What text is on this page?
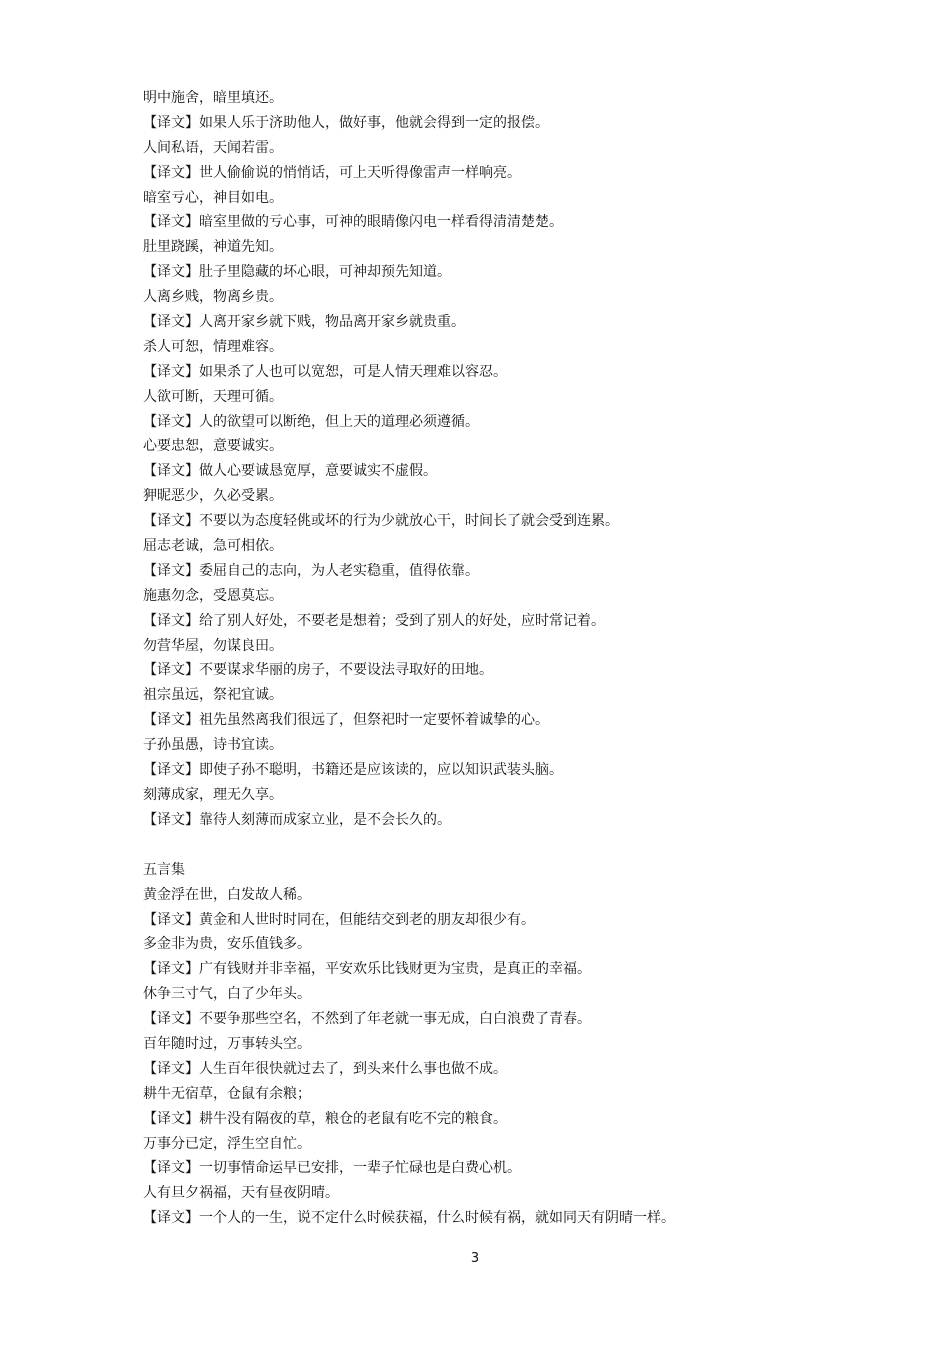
明中施舍，暗里填还。
【译文】如果人乐于济助他人，做好事，他就会得到一定的报偿。
人间私语，天闻若雷。
【译文】世人偷偷说的悄悄话，可上天听得像雷声一样响亮。
暗室亏心，神目如电。
【译文】暗室里做的亏心事，可神的眼睛像闪电一样看得清清楚楚。
肚里跷蹊，神道先知。
【译文】肚子里隐藏的坏心眼，可神却预先知道。
人离乡贱，物离乡贵。
【译文】人离开家乡就下贱，物品离开家乡就贵重。
杀人可恕，情理难容。
【译文】如果杀了人也可以宽恕，可是人情天理难以容忍。
人欲可断，天理可循。
【译文】人的欲望可以断绝，但上天的道理必须遵循。
心要忠恕，意要诚实。
【译文】做人心要诚恳宽厚，意要诚实不虚假。
狎昵恶少，久必受累。
【译文】不要以为态度轻佻或坏的行为少就放心干，时间长了就会受到连累。
屈志老诚，急可相依。
【译文】委屈自己的志向，为人老实稳重，值得依靠。
施惠勿念，受恩莫忘。
【译文】给了别人好处，不要老是想着；受到了别人的好处，应时常记着。
勿营华屋，勿谋良田。
【译文】不要谋求华丽的房子，不要设法寻取好的田地。
祖宗虽远，祭祀宜诚。
【译文】祖先虽然离我们很远了，但祭祀时一定要怀着诚挚的心。
子孙虽愚，诗书宜读。
【译文】即使子孙不聪明，书籍还是应该读的，应以知识武装头脑。
刻薄成家，理无久享。
【译文】靠待人刻薄而成家立业，是不会长久的。
五言集
黄金浮在世，白发故人稀。
【译文】黄金和人世时时同在，但能结交到老的朋友却很少有。
多金非为贵，安乐值钱多。
【译文】广有钱财并非幸福，平安欢乐比钱财更为宝贵，是真正的幸福。
休争三寸气，白了少年头。
【译文】不要争那些空名，不然到了年老就一事无成，白白浪费了青春。
百年随时过，万事转头空。
【译文】人生百年很快就过去了，到头来什么事也做不成。
耕牛无宿草，仓鼠有余粮；
【译文】耕牛没有隔夜的草，粮仓的老鼠有吃不完的粮食。
万事分已定，浮生空自忙。
【译文】一切事情命运早已安排，一辈子忙碌也是白费心机。
人有旦夕祸福，天有昼夜阴晴。
【译文】一个人的一生，说不定什么时候获福，什么时候有祸，就如同天有阴晴一样。
3
